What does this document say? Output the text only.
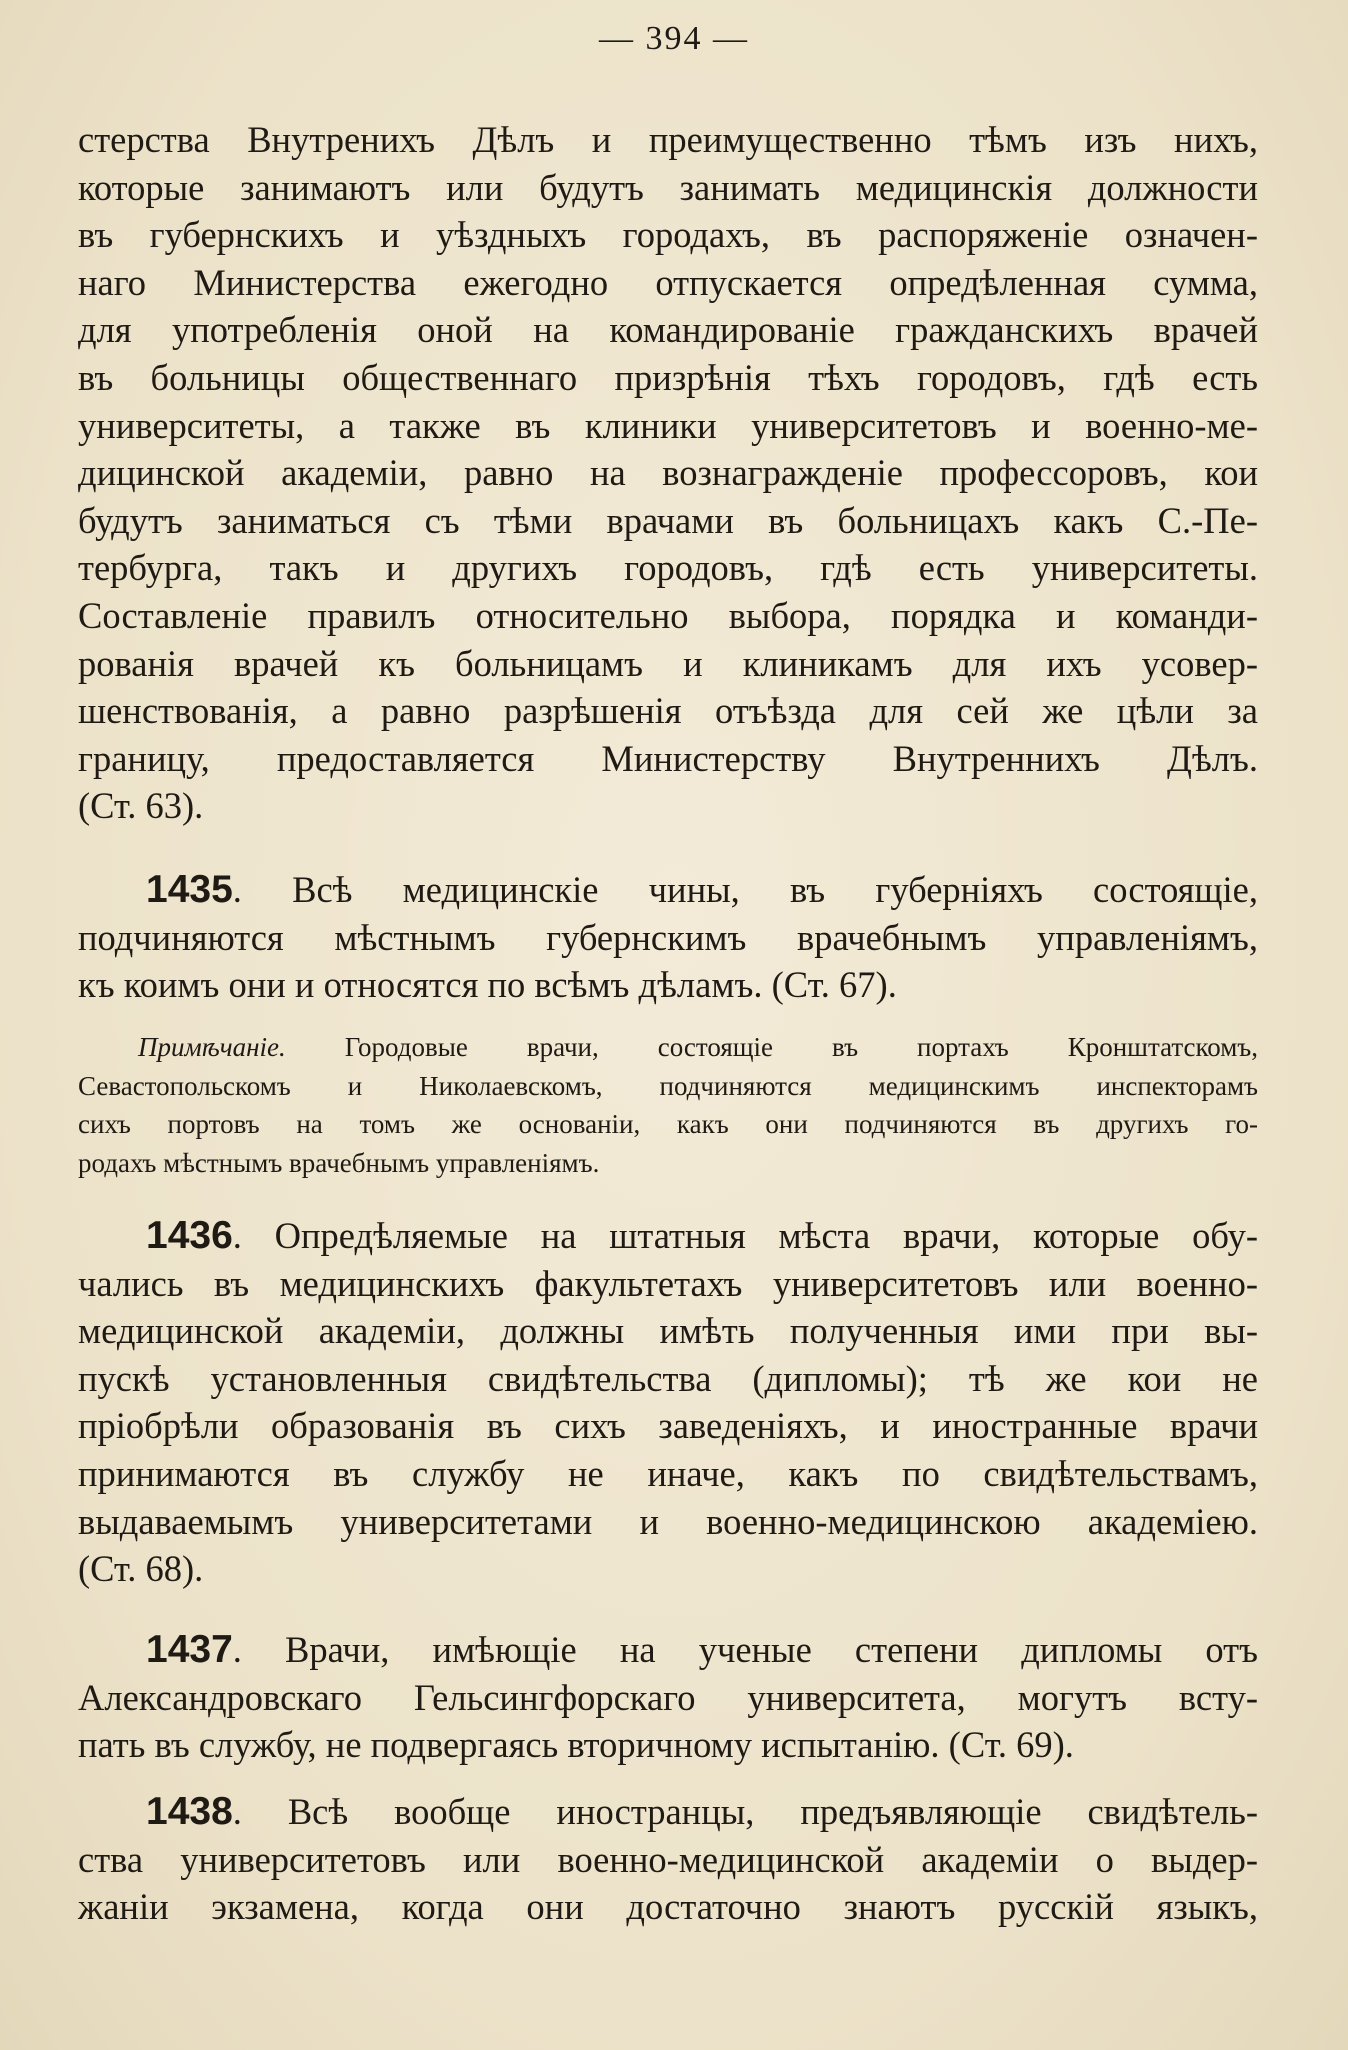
— 394 —

стерства Внутренихъ Дѣлъ и преимущественно тѣмъ изъ нихъ,
которые занимаютъ или будутъ занимать медицинскія должности
въ губернскихъ и уѣздныхъ городахъ, въ распоряженіе означен-
наго Министерства ежегодно отпускается опредѣленная сумма,
для употребленія оной на командированіе гражданскихъ врачей
въ больницы общественнаго призрѣнія тѣхъ городовъ, гдѣ есть
университеты, а также въ клиники университетовъ и военно-ме-
дицинской академіи, равно на вознагражденіе профессоровъ, кои
будутъ заниматься съ тѣми врачами въ больницахъ какъ С.-Пе-
тербурга, такъ и другихъ городовъ, гдѣ есть университеты.
Составленіе правилъ относительно выбора, порядка и команди-
рованія врачей къ больницамъ и клиникамъ для ихъ усовер-
шенствованія, а равно разрѣшенія отъѣзда для сей же цѣли за
границу, предоставляется Министерству Внутреннихъ Дѣлъ.
(Ст. 63).

1435. Всѣ медицинскіе чины, въ губерніяхъ состоящіе,
подчиняются мѣстнымъ губернскимъ врачебнымъ управленіямъ,
къ коимъ они и относятся по всѣмъ дѣламъ. (Ст. 67).

Примѣчаніе. Городовые врачи, состоящіе въ портахъ Кронштатскомъ,
Севастопольскомъ и Николаевскомъ, подчиняются медицинскимъ инспекторамъ
сихъ портовъ на томъ же основаніи, какъ они подчиняются въ другихъ го-
родахъ мѣстнымъ врачебнымъ управленіямъ.

1436. Опредѣляемые на штатныя мѣста врачи, которые обу-
чались въ медицинскихъ факультетахъ университетовъ или военно-
медицинской академіи, должны имѣть полученныя ими при вы-
пускѣ установленныя свидѣтельства (дипломы); тѣ же кои не
пріобрѣли образованія въ сихъ заведеніяхъ, и иностранные врачи
принимаются въ службу не иначе, какъ по свидѣтельствамъ,
выдаваемымъ университетами и военно-медицинскою академіею.
(Ст. 68).

1437. Врачи, имѣющіе на ученые степени дипломы отъ
Александровскаго Гельсингфорскаго университета, могутъ всту-
пать въ службу, не подвергаясь вторичному испытанію. (Ст. 69).

1438. Всѣ вообще иностранцы, предъявляющіе свидѣтель-
ства университетовъ или военно-медицинской академіи о выдер-
жаніи экзамена, когда они достаточно знаютъ русскій языкъ,
